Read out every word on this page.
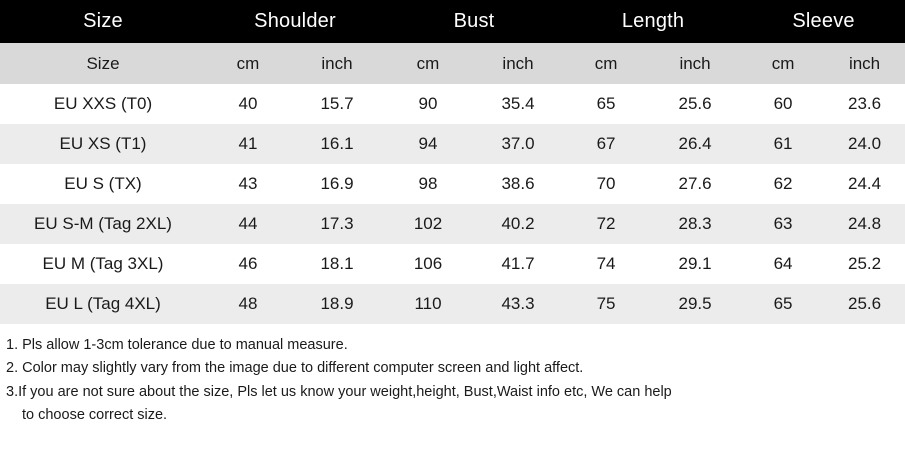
Size	Shoulder		Bust		Length		Sleeve	
Size	cm	inch	cm	inch	cm	inch	cm	inch
EU XXS (T0)	40	15.7	90	35.4	65	25.6	60	23.6
EU XS (T1)	41	16.1	94	37.0	67	26.4	61	24.0
EU S (TX)	43	16.9	98	38.6	70	27.6	62	24.4
EU S-M (Tag 2XL)	44	17.3	102	40.2	72	28.3	63	24.8
EU M (Tag 3XL)	46	18.1	106	41.7	74	29.1	64	25.2
EU L (Tag 4XL)	48	18.9	110	43.3	75	29.5	65	25.6
1. Pls allow 1-3cm tolerance due to manual measure.
2. Color may slightly vary from the image due to different computer screen and light affect.
3.If you are not sure about the size, Pls let us know your weight,height, Bust,Waist info etc, We can help
to choose correct size.
